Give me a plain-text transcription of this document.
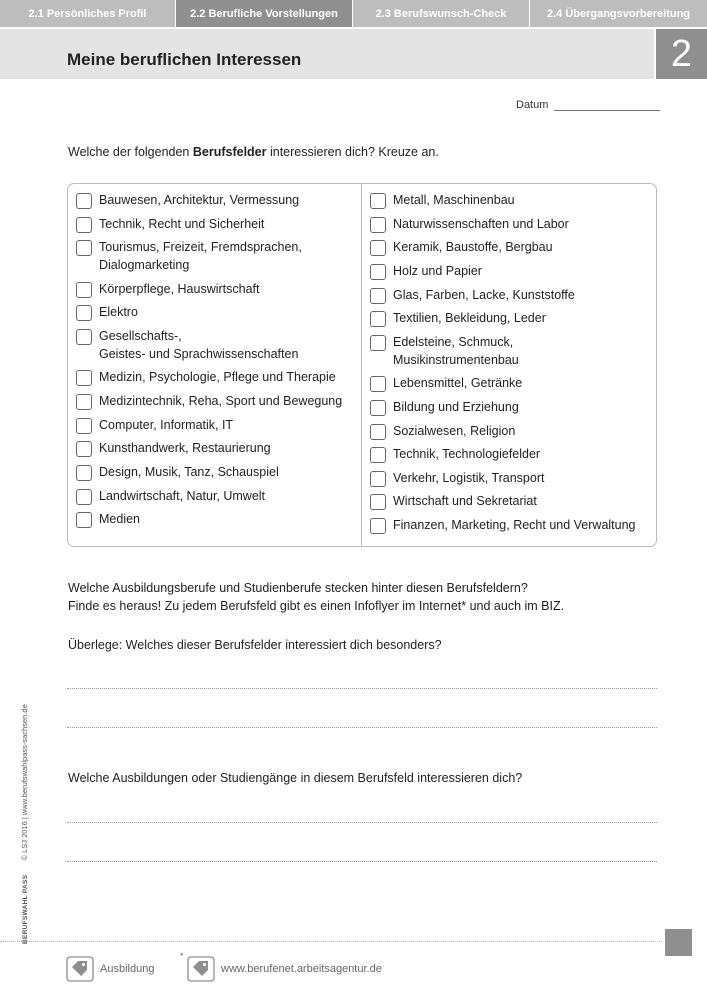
2.1 Persönliches Profil	2.2 Berufliche Vorstellungen	2.3 Berufswunsch-Check	2.4 Übergangsvorbereitung
Meine beruflichen Interessen	2
Datum
Welche der folgenden Berufsfelder interessieren dich? Kreuze an.
Bauwesen, Architektur, Vermessung
Technik, Recht und Sicherheit
Tourismus, Freizeit, Fremdsprachen,
Dialogmarketing
Körperpflege, Hauswirtschaft
Elektro
Gesellschafts-,
Geistes- und Sprachwissenschaften
Medizin, Psychologie, Pflege und Therapie
Medizintechnik, Reha, Sport und Bewegung
Computer, Informatik, IT
Kunsthandwerk, Restaurierung
Design, Musik, Tanz, Schauspiel
Landwirtschaft, Natur, Umwelt
Medien
Metall, Maschinenbau
Naturwissenschaften und Labor
Keramik, Baustoffe, Bergbau
Holz und Papier
Glas, Farben, Lacke, Kunststoffe
Textilien, Bekleidung, Leder
Edelsteine, Schmuck,
Musikinstrumentenbau
Lebensmittel, Getränke
Bildung und Erziehung
Sozialwesen, Religion
Technik, Technologiefelder
Verkehr, Logistik, Transport
Wirtschaft und Sekretariat
Finanzen, Marketing, Recht und Verwaltung
Welche Ausbildungsberufe und Studienberufe stecken hinter diesen Berufsfeldern?
Finde es heraus! Zu jedem Berufsfeld gibt es einen Infoflyer im Internet* und auch im BIZ.
Überlege: Welches dieser Berufsfelder interessiert dich besonders?
Welche Ausbildungen oder Studiengänge in diesem Berufsfeld interessieren dich?
BERUFSWAHL PASS  © LSJ 2016 | www.berufswahlpass-sachsen.de
Ausbildung
*
www.berufenet.arbeitsagentur.de
